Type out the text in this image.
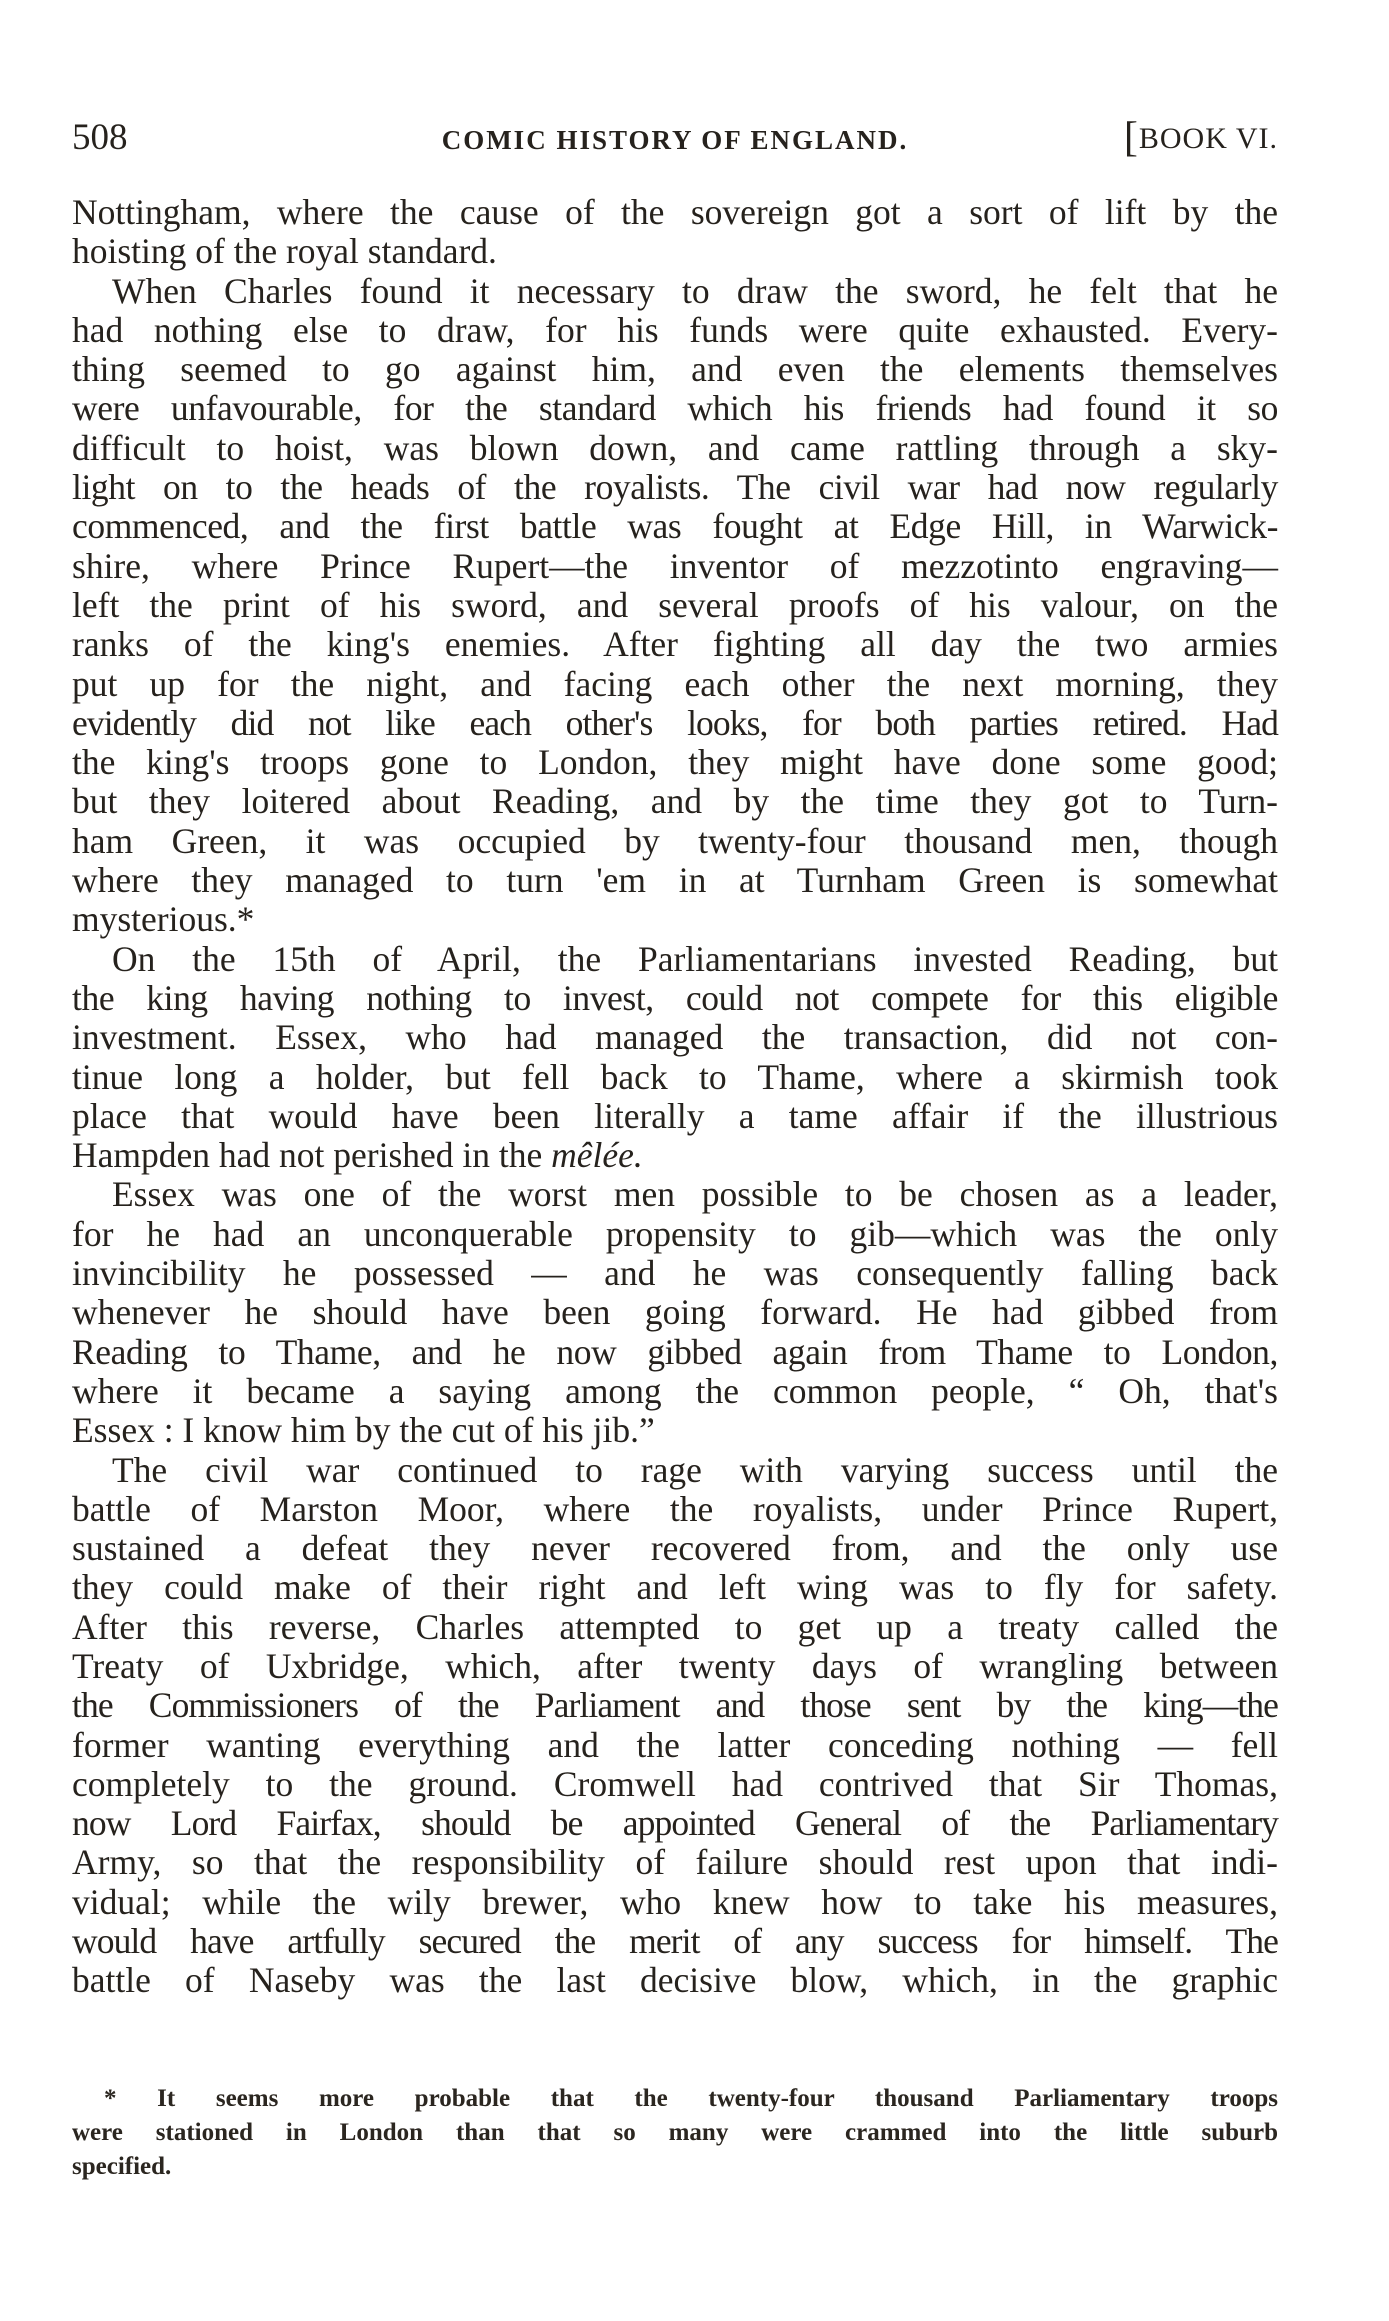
508	COMIC HISTORY OF ENGLAND.	[BOOK VI.

Nottingham, where the cause of the sovereign got a sort of lift by the
hoisting of the royal standard.

When Charles found it necessary to draw the sword, he felt that he
had nothing else to draw, for his funds were quite exhausted. Every-
thing seemed to go against him, and even the elements themselves
were unfavourable, for the standard which his friends had found it so
difficult to hoist, was blown down, and came rattling through a sky-
light on to the heads of the royalists. The civil war had now regularly
commenced, and the first battle was fought at Edge Hill, in Warwick-
shire, where Prince Rupert—the inventor of mezzotinto engraving—
left the print of his sword, and several proofs of his valour, on the
ranks of the king's enemies. After fighting all day the two armies
put up for the night, and facing each other the next morning, they
evidently did not like each other's looks, for both parties retired. Had
the king's troops gone to London, they might have done some good;
but they loitered about Reading, and by the time they got to Turn-
ham Green, it was occupied by twenty-four thousand men, though
where they managed to turn 'em in at Turnham Green is somewhat
mysterious.*

On the 15th of April, the Parliamentarians invested Reading, but
the king having nothing to invest, could not compete for this eligible
investment. Essex, who had managed the transaction, did not con-
tinue long a holder, but fell back to Thame, where a skirmish took
place that would have been literally a tame affair if the illustrious
Hampden had not perished in the mêlée.

Essex was one of the worst men possible to be chosen as a leader,
for he had an unconquerable propensity to gib—which was the only
invincibility he possessed — and he was consequently falling back
whenever he should have been going forward. He had gibbed from
Reading to Thame, and he now gibbed again from Thame to London,
where it became a saying among the common people, “ Oh, that's
Essex : I know him by the cut of his jib.”

The civil war continued to rage with varying success until the
battle of Marston Moor, where the royalists, under Prince Rupert,
sustained a defeat they never recovered from, and the only use
they could make of their right and left wing was to fly for safety.
After this reverse, Charles attempted to get up a treaty called the
Treaty of Uxbridge, which, after twenty days of wrangling between
the Commissioners of the Parliament and those sent by the king—the
former wanting everything and the latter conceding nothing — fell
completely to the ground. Cromwell had contrived that Sir Thomas,
now Lord Fairfax, should be appointed General of the Parliamentary
Army, so that the responsibility of failure should rest upon that indi-
vidual; while the wily brewer, who knew how to take his measures,
would have artfully secured the merit of any success for himself. The
battle of Naseby was the last decisive blow, which, in the graphic

* It seems more probable that the twenty-four thousand Parliamentary troops
were stationed in London than that so many were crammed into the little suburb
specified.
